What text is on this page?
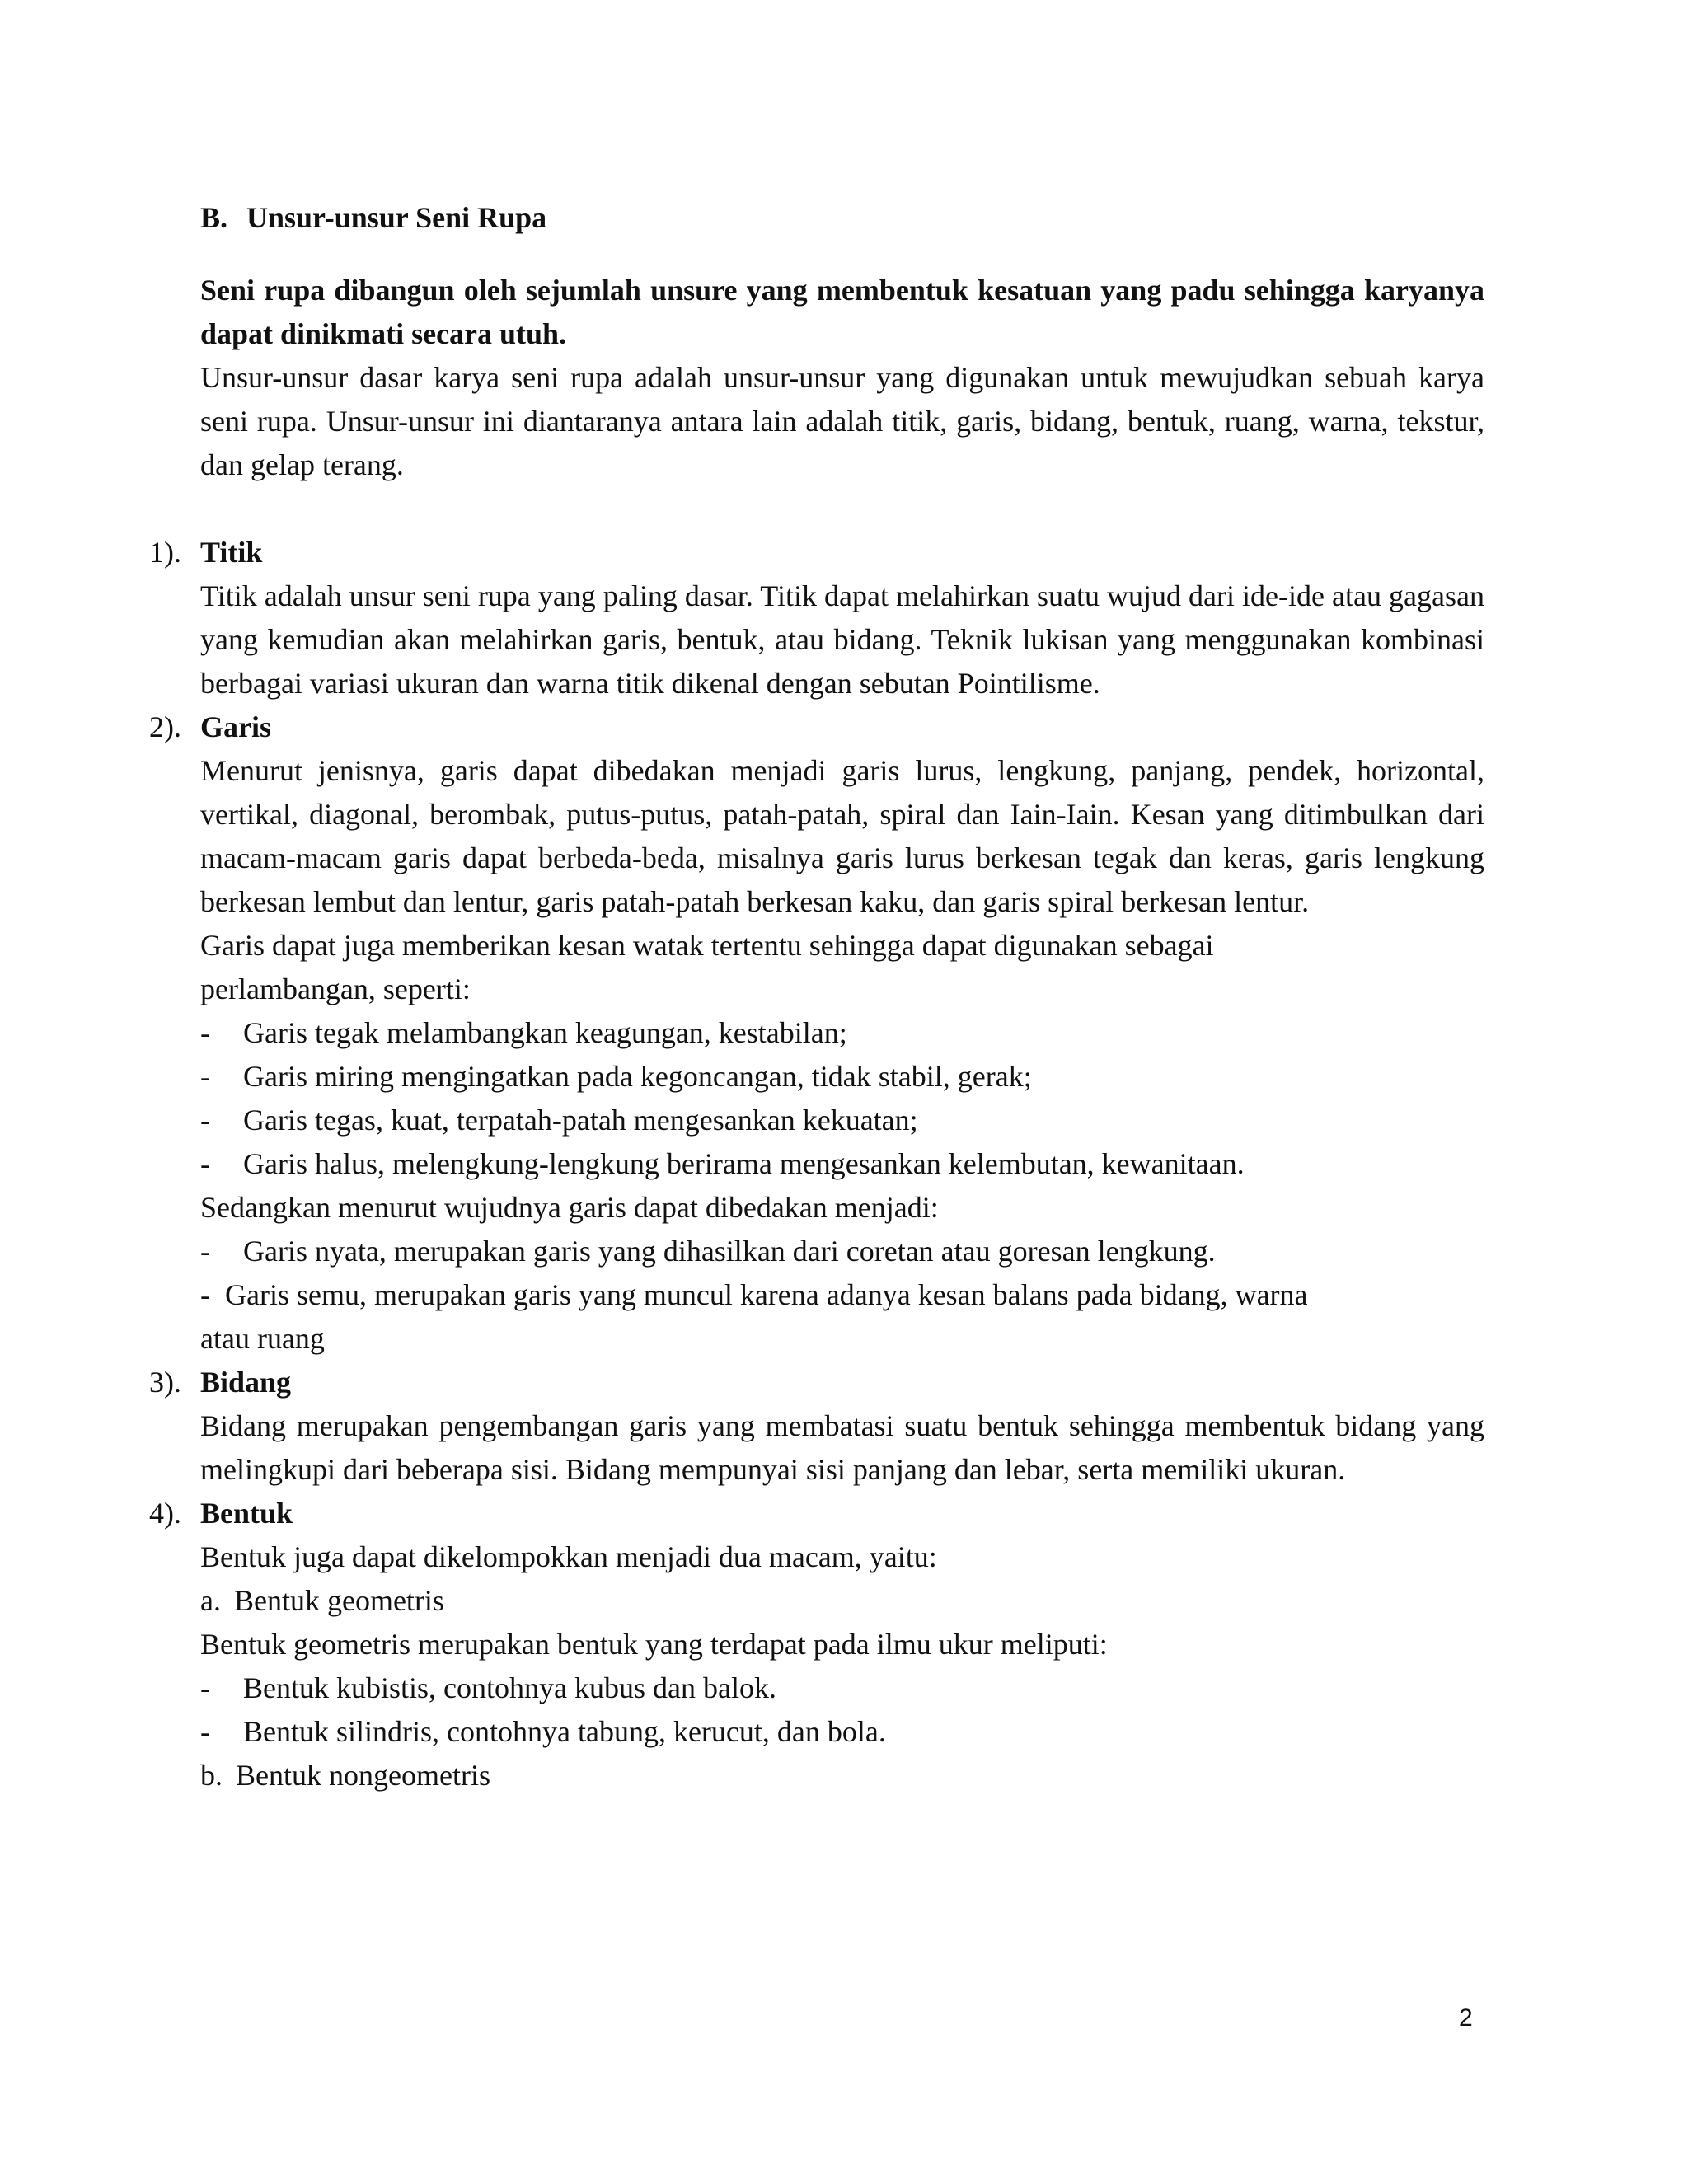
B. Unsur-unsur Seni Rupa

Seni rupa dibangun oleh sejumlah unsure yang membentuk kesatuan yang padu sehingga karyanya dapat dinikmati secara utuh.

Unsur-unsur dasar karya seni rupa adalah unsur-unsur yang digunakan untuk mewujudkan sebuah karya seni rupa. Unsur-unsur ini diantaranya antara lain adalah titik, garis, bidang, bentuk, ruang, warna, tekstur, dan gelap terang.

1). Titik

Titik adalah unsur seni rupa yang paling dasar. Titik dapat melahirkan suatu wujud dari ide-ide atau gagasan yang kemudian akan melahirkan garis, bentuk, atau bidang. Teknik lukisan yang menggunakan kombinasi berbagai variasi ukuran dan warna titik dikenal dengan sebutan Pointilisme.

2). Garis

Menurut jenisnya, garis dapat dibedakan menjadi garis lurus, lengkung, panjang, pendek, horizontal, vertikal, diagonal, berombak, putus-putus, patah-patah, spiral dan Iain-Iain. Kesan yang ditimbulkan dari macam-macam garis dapat berbeda-beda, misalnya garis lurus berkesan tegak dan keras, garis lengkung berkesan lembut dan lentur, garis patah-patah berkesan kaku, dan garis spiral berkesan lentur.

Garis dapat juga memberikan kesan watak tertentu sehingga dapat digunakan sebagai

perlambangan, seperti:

- Garis tegak melambangkan keagungan, kestabilan;
- Garis miring mengingatkan pada kegoncangan, tidak stabil, gerak;
- Garis tegas, kuat, terpatah-patah mengesankan kekuatan;
- Garis halus, melengkung-lengkung berirama mengesankan kelembutan, kewanitaan.

Sedangkan menurut wujudnya garis dapat dibedakan menjadi:

- Garis nyata, merupakan garis yang dihasilkan dari coretan atau goresan lengkung.
- Garis semu, merupakan garis yang muncul karena adanya kesan balans pada bidang, warna

atau ruang

3). Bidang

Bidang merupakan pengembangan garis yang membatasi suatu bentuk sehingga membentuk bidang yang melingkupi dari beberapa sisi. Bidang mempunyai sisi panjang dan lebar, serta memiliki ukuran.

4). Bentuk

Bentuk juga dapat dikelompokkan menjadi dua macam, yaitu:

a. Bentuk geometris

Bentuk geometris merupakan bentuk yang terdapat pada ilmu ukur meliputi:

- Bentuk kubistis, contohnya kubus dan balok.
- Bentuk silindris, contohnya tabung, kerucut, dan bola.

b. Bentuk nongeometris

2
